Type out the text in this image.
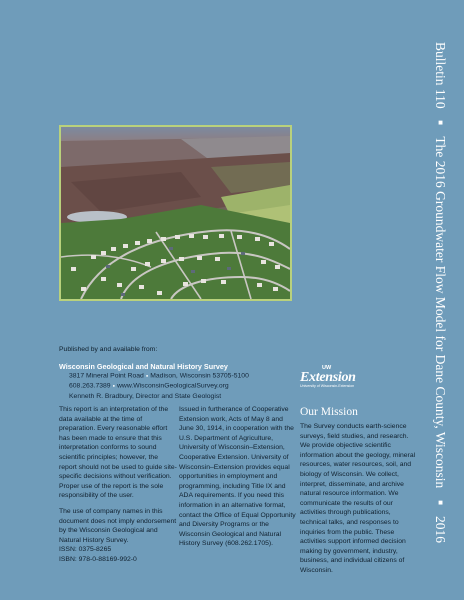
Bulletin 110 ■ The 2016 Groundwater Flow Model for Dane County, Wisconsin ■ 2016
Published by and available from:
Wisconsin Geological and Natural History Survey
3817 Mineral Point Road ● Madison, Wisconsin 53705-5100
608.263.7389 ● www.WisconsinGeologicalSurvey.org
Kenneth R. Bradbury, Director and State Geologist
UW
Extension
University of Wisconsin-Extension

This report is an interpretation of the data available at the time of preparation. Every reasonable effort has been made to ensure that this interpretation conforms to sound scientific principles; however, the report should not be used to guide site-specific decisions without verification. Proper use of the report is the sole responsibility of the user.

The use of company names in this document does not imply endorsement by the Wisconsin Geological and Natural History Survey.

ISSN: 0375-8265
ISBN: 978-0-88169-992-0

Issued in furtherance of Cooperative Extension work, Acts of May 8 and June 30, 1914, in cooperation with the U.S. Department of Agriculture, University of Wisconsin–Extension, Cooperative Extension. University of Wisconsin–Extension provides equal opportunities in employment and programming, including Title IX and ADA requirements. If you need this information in an alternative format, contact the Office of Equal Opportunity and Diversity Programs or the Wisconsin Geological and Natural History Survey (608.262.1705).

Our Mission

The Survey conducts earth-science surveys, field studies, and research. We provide objective scientific information about the geology, mineral resources, water resources, soil, and biology of Wisconsin. We collect, interpret, disseminate, and archive natural resource information. We communicate the results of our activities through publications, technical talks, and responses to inquiries from the public. These activities support informed decision making by government, industry, business, and individual citizens of Wisconsin.
